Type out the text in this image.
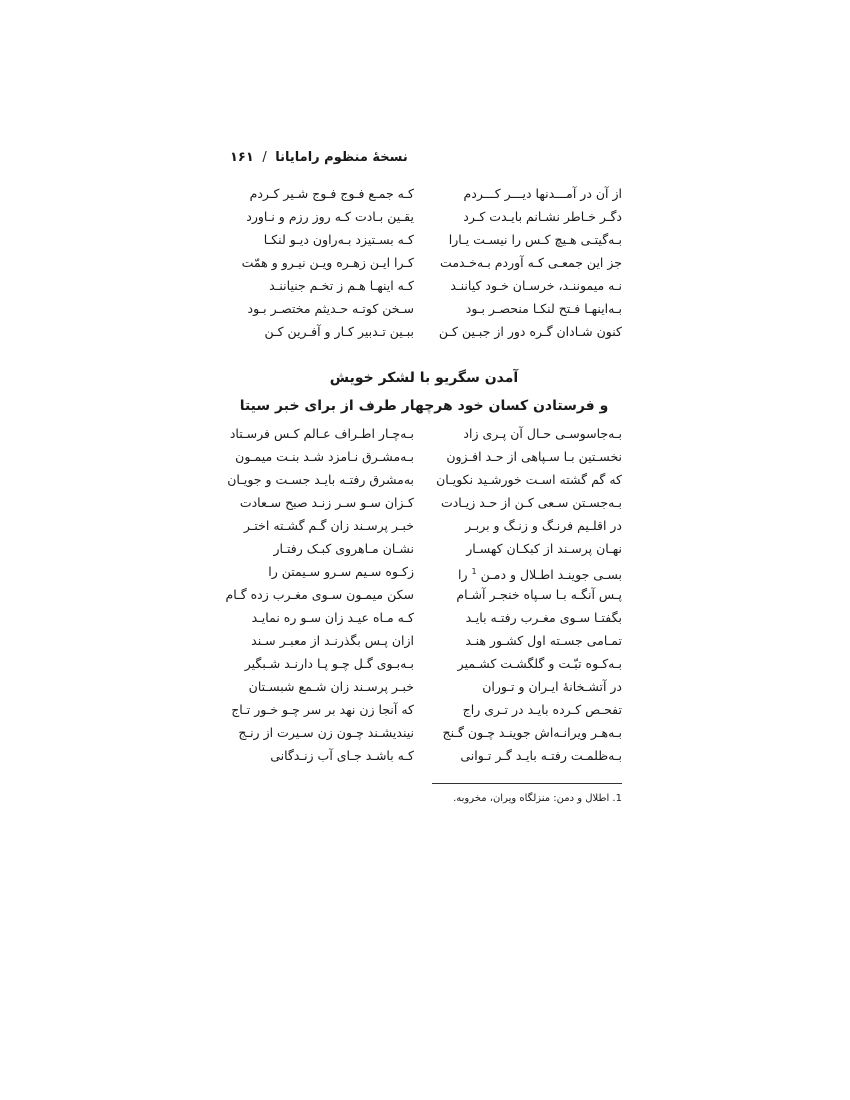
نسخهٔ منظوم رامایانا / ۱۶۱
از آن در آمـــدنها دیـــر کـــردم
کـه جمـع فـوج فـوج شـیر کـردم
دگـر خـاطر نشـانم بایـدت کـرد
یقـین بـادت کـه روز رزم و نـاورد
بـه‌گیتـی هـیچ کـس را نیسـت یـارا
کـه بسـتیزد بـه‌راون دیـو لنکـا
جز این جمعـی کـه آوردم بـه‌خـدمت
کـرا ایـن زهـره ویـن نیـرو و همّت
نـه میموننـد، خرسـان خـود کیاننـد
کـه اینهـا هـم ز تخـم جنیاننـد
بـه‌اینهـا فـتح لنکـا منحصـر بـود
سـخن کوتـه حـدیثم مختصـر بـود
کنون شـادان گـره دور از جبـین کـن
ببـین تـدبیر کـار و آفـرین کـن
آمدن سگریو با لشکر خویش
و فرستادن کسان خود هرچهار طرف از برای خبر سیتا
بـه‌جاسوسـی حـال آن پـری زاد
بـه‌چـار اطـراف عـالم کـس فرسـتاد
نخسـتین بـا سـپاهی از حـد افـزون
بـه‌مشـرق نـامزد شـد بنـت میمـون
که گم گشته اسـت خورشـید نکویـان
به‌مشرق رفتـه بایـد جسـت و جویـان
بـه‌جسـتن سـعی کـن از حـد زیـادت
کـزان سـو سـر زنـد صبح سـعادت
در اقلـیم فرنـگ و زنـگ و بربـر
خبـر پرسـند زان گـم گشـته اختـر
نهـان پرسـند از کبکـان کهسـار
نشـان مـاهروی کبـک رفتـار
بسـی جوینـد اطـلال و دمـن $^1$ را
زکـوه سـیم سـرو سـیمتن را
پـس آنگـه بـا سـپاه خنجـر آشـام
سکن میمـون سـوی مغـرب زده گـام
بگفتـا سـوی مغـرب رفتـه بایـد
کـه مـاه عیـد زان سـو ره نمایـد
تمـامی جسـته اول کشـور هنـد
ازان پـس بگذرنـد از معبـر سـند
بـه‌کـوه تبّـت و گلگشـت کشـمیر
بـه‌بـوی گـل چـو پـا دارنـد شـبگیر
در آتشـخانهٔ ایـران و تـوران
خبـر پرسـند زان شـمع شبسـتان
تفحـص کـرده بایـد در تـری راج
که آنجا زن نهد بر سر چـو خـور تـاج
بـه‌هـر ویرانـه‌اش جوینـد چـون گـنج
نیندیشـند چـون زن سـیرت از رنـج
بـه‌ظلمـت رفتـه بایـد گـر تـوانی
کـه باشـد جـای آب زنـدگانی
1. اطلال و دمن: منزلگاه ویران، مخروبه.
